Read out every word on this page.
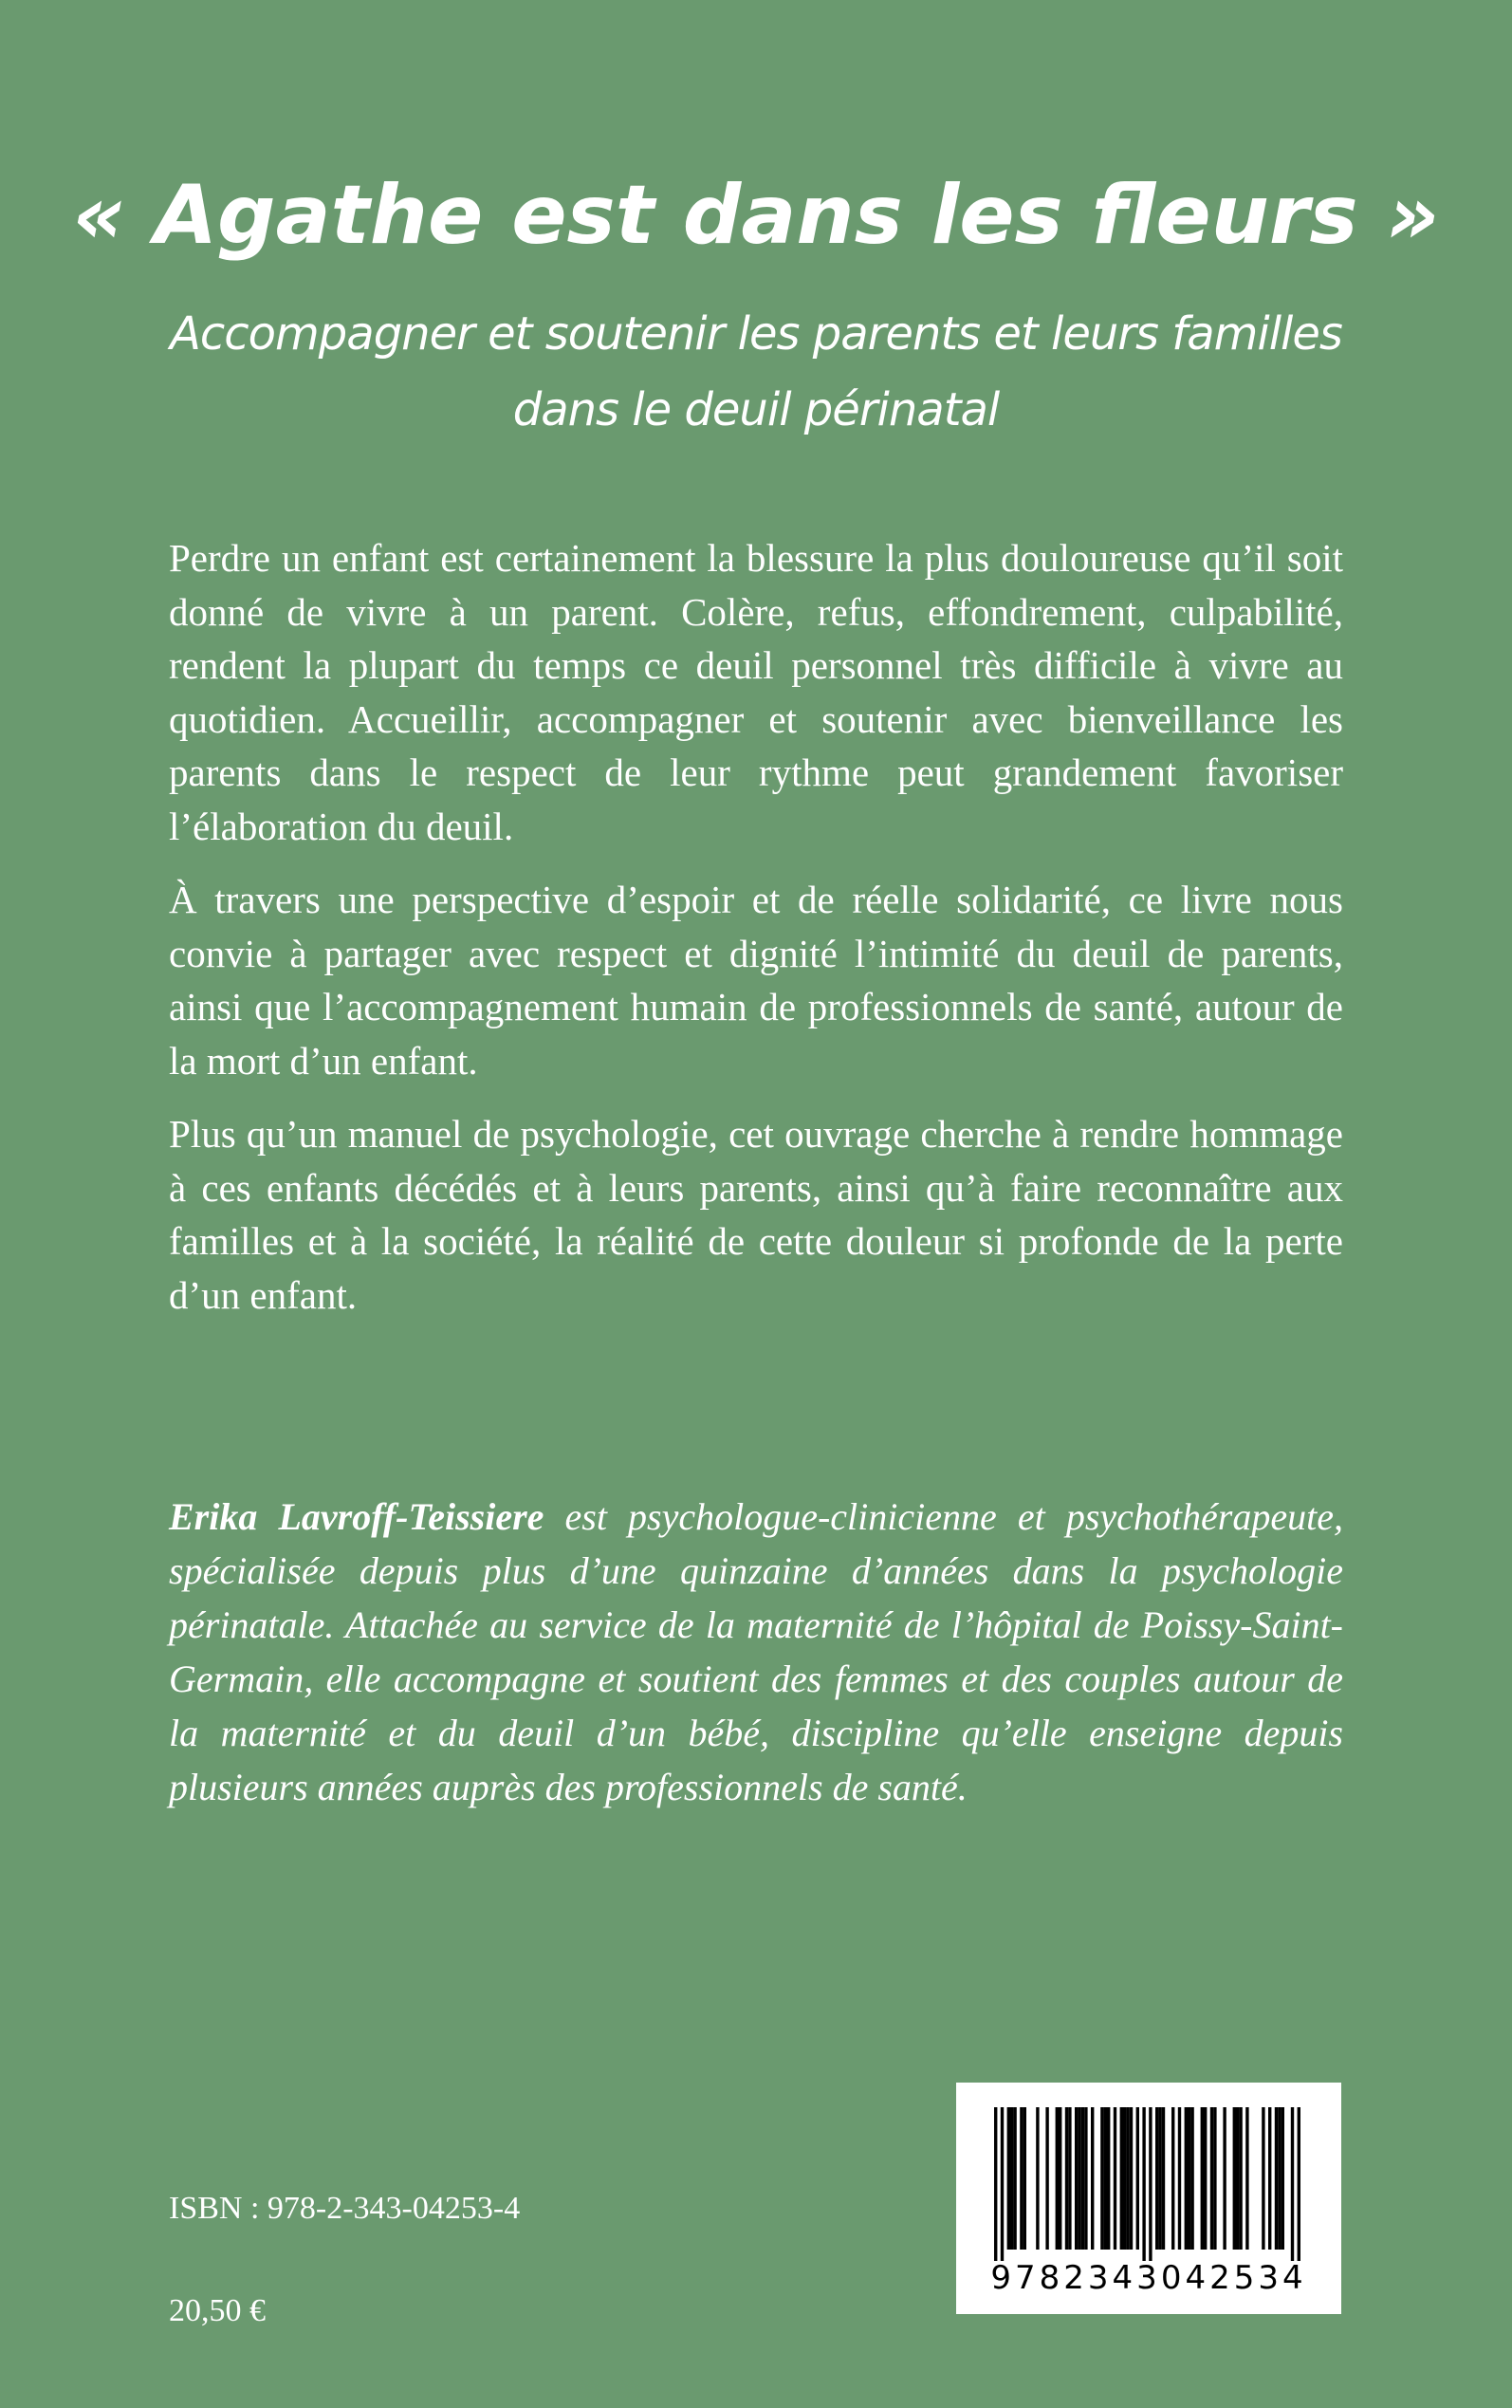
« Agathe est dans les fleurs »
Accompagner et soutenir les parents et leurs familles
dans le deuil périnatal

Perdre un enfant est certainement la blessure la plus douloureuse qu’il soit donné de vivre à un parent. Colère, refus, effondrement, culpabilité, rendent la plupart du temps ce deuil personnel très difficile à vivre au quotidien. Accueillir, accompagner et soutenir avec bienveillance les parents dans le respect de leur rythme peut grandement favoriser l’élaboration du deuil.

À travers une perspective d’espoir et de réelle solidarité, ce livre nous convie à partager avec respect et dignité l’intimité du deuil de parents, ainsi que l’accompagnement humain de professionnels de santé, autour de la mort d’un enfant.

Plus qu’un manuel de psychologie, cet ouvrage cherche à rendre hommage à ces enfants décédés et à leurs parents, ainsi qu’à faire reconnaître aux familles et à la société, la réalité de cette douleur si profonde de la perte d’un enfant.

Erika Lavroff-Teissiere est psychologue-clinicienne et psychothérapeute, spécialisée depuis plus d’une quinzaine d’années dans la psychologie périnatale. Attachée au service de la maternité de l’hôpital de Poissy-Saint-Germain, elle accompagne et soutient des femmes et des couples autour de la maternité et du deuil d’un bébé, discipline qu’elle enseigne depuis plusieurs années auprès des professionnels de santé.

ISBN : 978-2-343-04253-4
20,50 €
9782343042534
